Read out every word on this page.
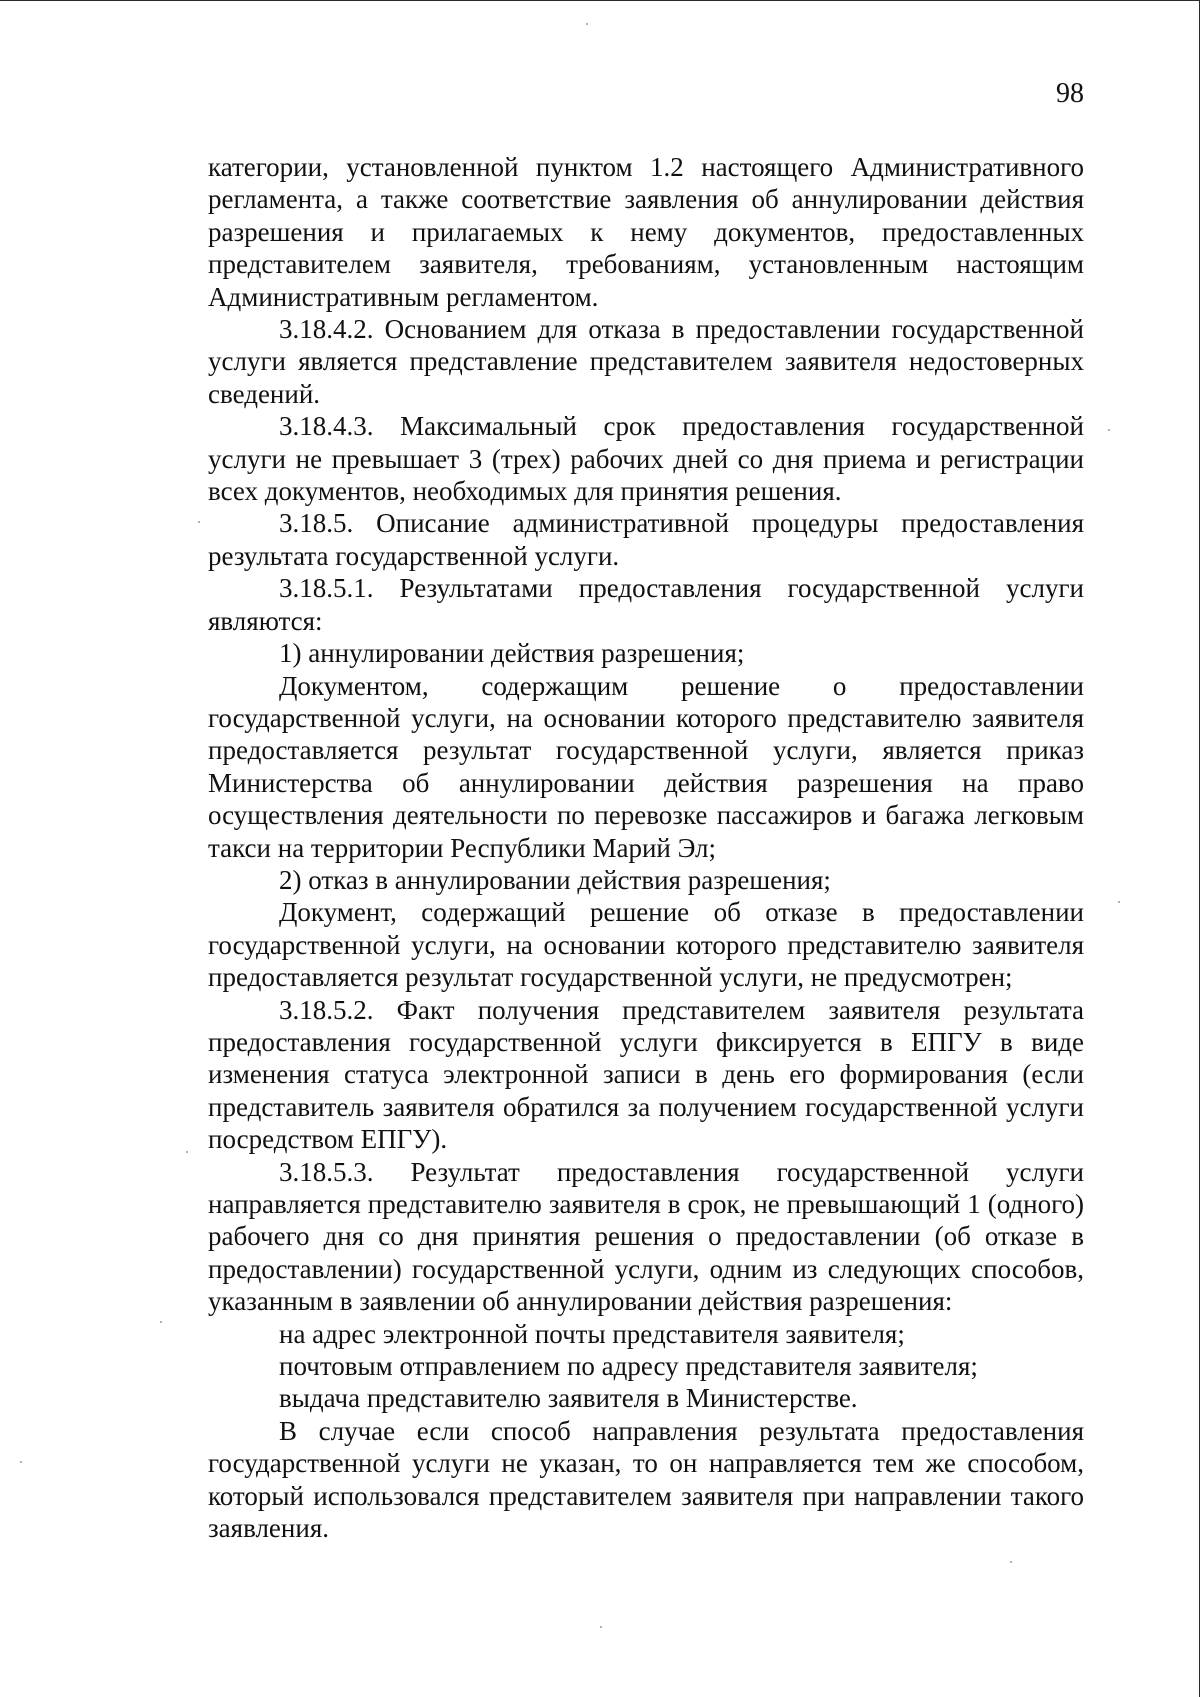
98

категории, установленной пунктом 1.2 настоящего Административного регламента, а также соответствие заявления об аннулировании действия разрешения и прилагаемых к нему документов, предоставленных представителем заявителя, требованиям, установленным настоящим Административным регламентом.

3.18.4.2. Основанием для отказа в предоставлении государственной услуги является представление представителем заявителя недостоверных сведений.

3.18.4.3. Максимальный срок предоставления государственной услуги не превышает 3 (трех) рабочих дней со дня приема и регистрации всех документов, необходимых для принятия решения.

3.18.5. Описание административной процедуры предоставления результата государственной услуги.

3.18.5.1. Результатами предоставления государственной услуги являются:

1) аннулировании действия разрешения;

Документом, содержащим решение о предоставлении государственной услуги, на основании которого представителю заявителя предоставляется результат государственной услуги, является приказ Министерства об аннулировании действия разрешения на право осуществления деятельности по перевозке пассажиров и багажа легковым такси на территории Республики Марий Эл;

2) отказ в аннулировании действия разрешения;

Документ, содержащий решение об отказе в предоставлении государственной услуги, на основании которого представителю заявителя предоставляется результат государственной услуги, не предусмотрен;

3.18.5.2. Факт получения представителем заявителя результата предоставления государственной услуги фиксируется в ЕПГУ в виде изменения статуса электронной записи в день его формирования (если представитель заявителя обратился за получением государственной услуги посредством ЕПГУ).

3.18.5.3. Результат предоставления государственной услуги направляется представителю заявителя в срок, не превышающий 1 (одного) рабочего дня со дня принятия решения о предоставлении (об отказе в предоставлении) государственной услуги, одним из следующих способов, указанным в заявлении об аннулировании действия разрешения:

на адрес электронной почты представителя заявителя;

почтовым отправлением по адресу представителя заявителя;

выдача представителю заявителя в Министерстве.

В случае если способ направления результата предоставления государственной услуги не указан, то он направляется тем же способом, который использовался представителем заявителя при направлении такого заявления.
